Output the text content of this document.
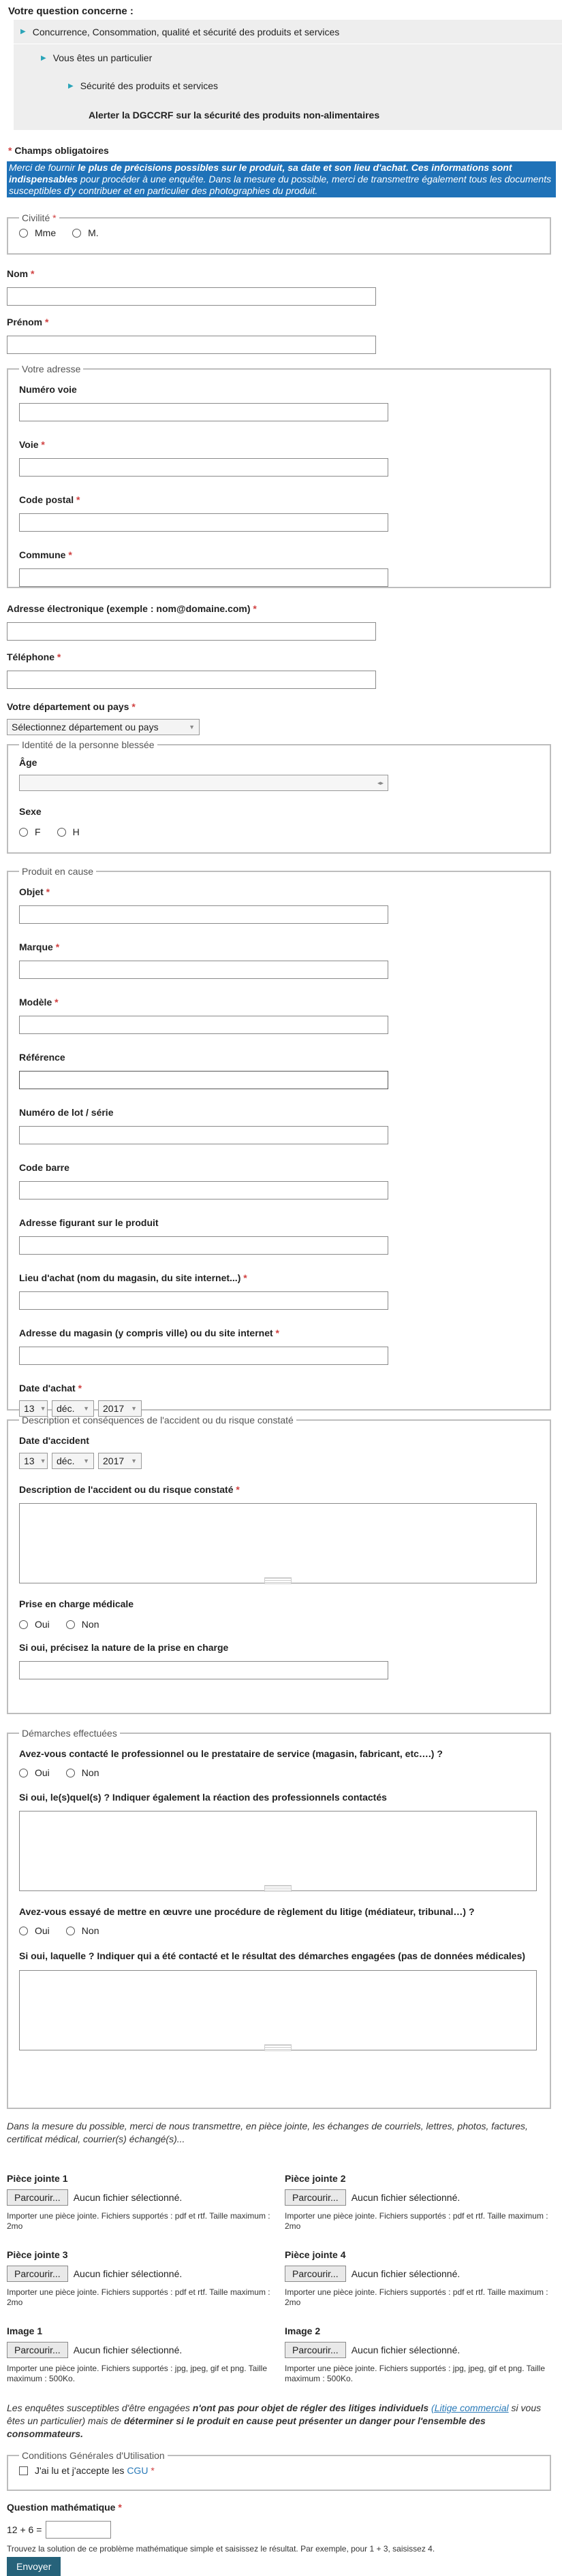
Votre question concerne :
▶ Concurrence, Consommation, qualité et sécurité des produits et services
▶ Vous êtes un particulier
▶ Sécurité des produits et services
Alerter la DGCCRF sur la sécurité des produits non-alimentaires
* Champs obligatoires
Merci de fournir le plus de précisions possibles sur le produit, sa date et son lieu d'achat. Ces informations sont indispensables pour procéder à une enquête. Dans la mesure du possible, merci de transmettre également tous les documents susceptibles d'y contribuer et en particulier des photographies du produit.
Civilité *
Mme	M.
Nom *
Prénom *
Votre adresse
Numéro voie
Voie *
Code postal *
Commune *
Adresse électronique (exemple : nom@domaine.com) *
Téléphone *
Votre département ou pays *
Sélectionnez département ou pays	▼
Identité de la personne blessée
Âge
◂▸
Sexe
F	H
Produit en cause
Objet *
Marque *
Modèle *
Référence
Numéro de lot / série
Code barre
Adresse figurant sur le produit
Lieu d'achat (nom du magasin, du site internet...) *
Adresse du magasin (y compris ville) ou du site internet *
Date d'achat *
13 ▼ déc. ▼ 2017 ▼
Description et conséquences de l'accident ou du risque constaté
Date d'accident
13 ▼ déc. ▼ 2017 ▼
Description de l'accident ou du risque constaté *
Prise en charge médicale
Oui	Non
Si oui, précisez la nature de la prise en charge
Démarches effectuées
Avez-vous contacté le professionnel ou le prestataire de service (magasin, fabricant, etc….) ?
Oui	Non
Si oui, le(s)quel(s) ? Indiquer également la réaction des professionnels contactés
Avez-vous essayé de mettre en œuvre une procédure de règlement du litige (médiateur, tribunal…) ?
Oui	Non
Si oui, laquelle ? Indiquer qui a été contacté et le résultat des démarches engagées (pas de données médicales)
Dans la mesure du possible, merci de nous transmettre, en pièce jointe, les échanges de courriels, lettres, photos, factures, certificat médical, courrier(s) échangé(s)...
Pièce jointe 1
Parcourir...	Aucun fichier sélectionné.
Importer une pièce jointe. Fichiers supportés : pdf et rtf. Taille maximum : 2mo
Pièce jointe 2
Parcourir...	Aucun fichier sélectionné.
Importer une pièce jointe. Fichiers supportés : pdf et rtf. Taille maximum : 2mo
Pièce jointe 3
Parcourir...	Aucun fichier sélectionné.
Importer une pièce jointe. Fichiers supportés : pdf et rtf. Taille maximum : 2mo
Pièce jointe 4
Parcourir...	Aucun fichier sélectionné.
Importer une pièce jointe. Fichiers supportés : pdf et rtf. Taille maximum : 2mo
Image 1
Parcourir...	Aucun fichier sélectionné.
Importer une pièce jointe. Fichiers supportés : jpg, jpeg, gif et png. Taille maximum : 500Ko.
Image 2
Parcourir...	Aucun fichier sélectionné.
Importer une pièce jointe. Fichiers supportés : jpg, jpeg, gif et png. Taille maximum : 500Ko.
Les enquêtes susceptibles d'être engagées n'ont pas pour objet de régler des litiges individuels (Litige commercial si vous êtes un particulier) mais de déterminer si le produit en cause peut présenter un danger pour l'ensemble des consommateurs.
Conditions Générales d'Utilisation
J'ai lu et j'accepte les
CGU
*
Question mathématique *
12 + 6 =
Trouvez la solution de ce problème mathématique simple et saisissez le résultat. Par exemple, pour 1 + 3, saisissez 4.
Envoyer
